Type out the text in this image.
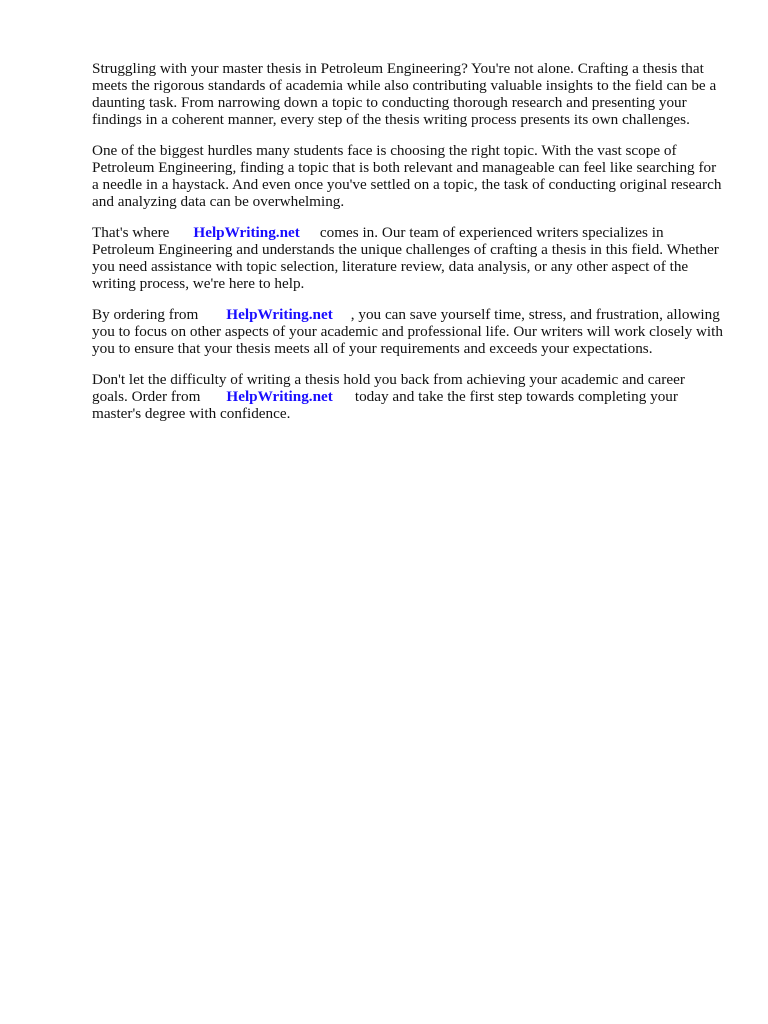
Struggling with your master thesis in Petroleum Engineering? You're not alone. Crafting a thesis that meets the rigorous standards of academia while also contributing valuable insights to the field can be a daunting task. From narrowing down a topic to conducting thorough research and presenting your findings in a coherent manner, every step of the thesis writing process presents its own challenges.

One of the biggest hurdles many students face is choosing the right topic. With the vast scope of Petroleum Engineering, finding a topic that is both relevant and manageable can feel like searching for a needle in a haystack. And even once you've settled on a topic, the task of conducting original research and analyzing data can be overwhelming.

That's where HelpWriting.net comes in. Our team of experienced writers specializes in Petroleum Engineering and understands the unique challenges of crafting a thesis in this field. Whether you need assistance with topic selection, literature review, data analysis, or any other aspect of the writing process, we're here to help.

By ordering from HelpWriting.net , you can save yourself time, stress, and frustration, allowing you to focus on other aspects of your academic and professional life. Our writers will work closely with you to ensure that your thesis meets all of your requirements and exceeds your expectations.

Don't let the difficulty of writing a thesis hold you back from achieving your academic and career goals. Order from HelpWriting.net today and take the first step towards completing your master's degree with confidence.
